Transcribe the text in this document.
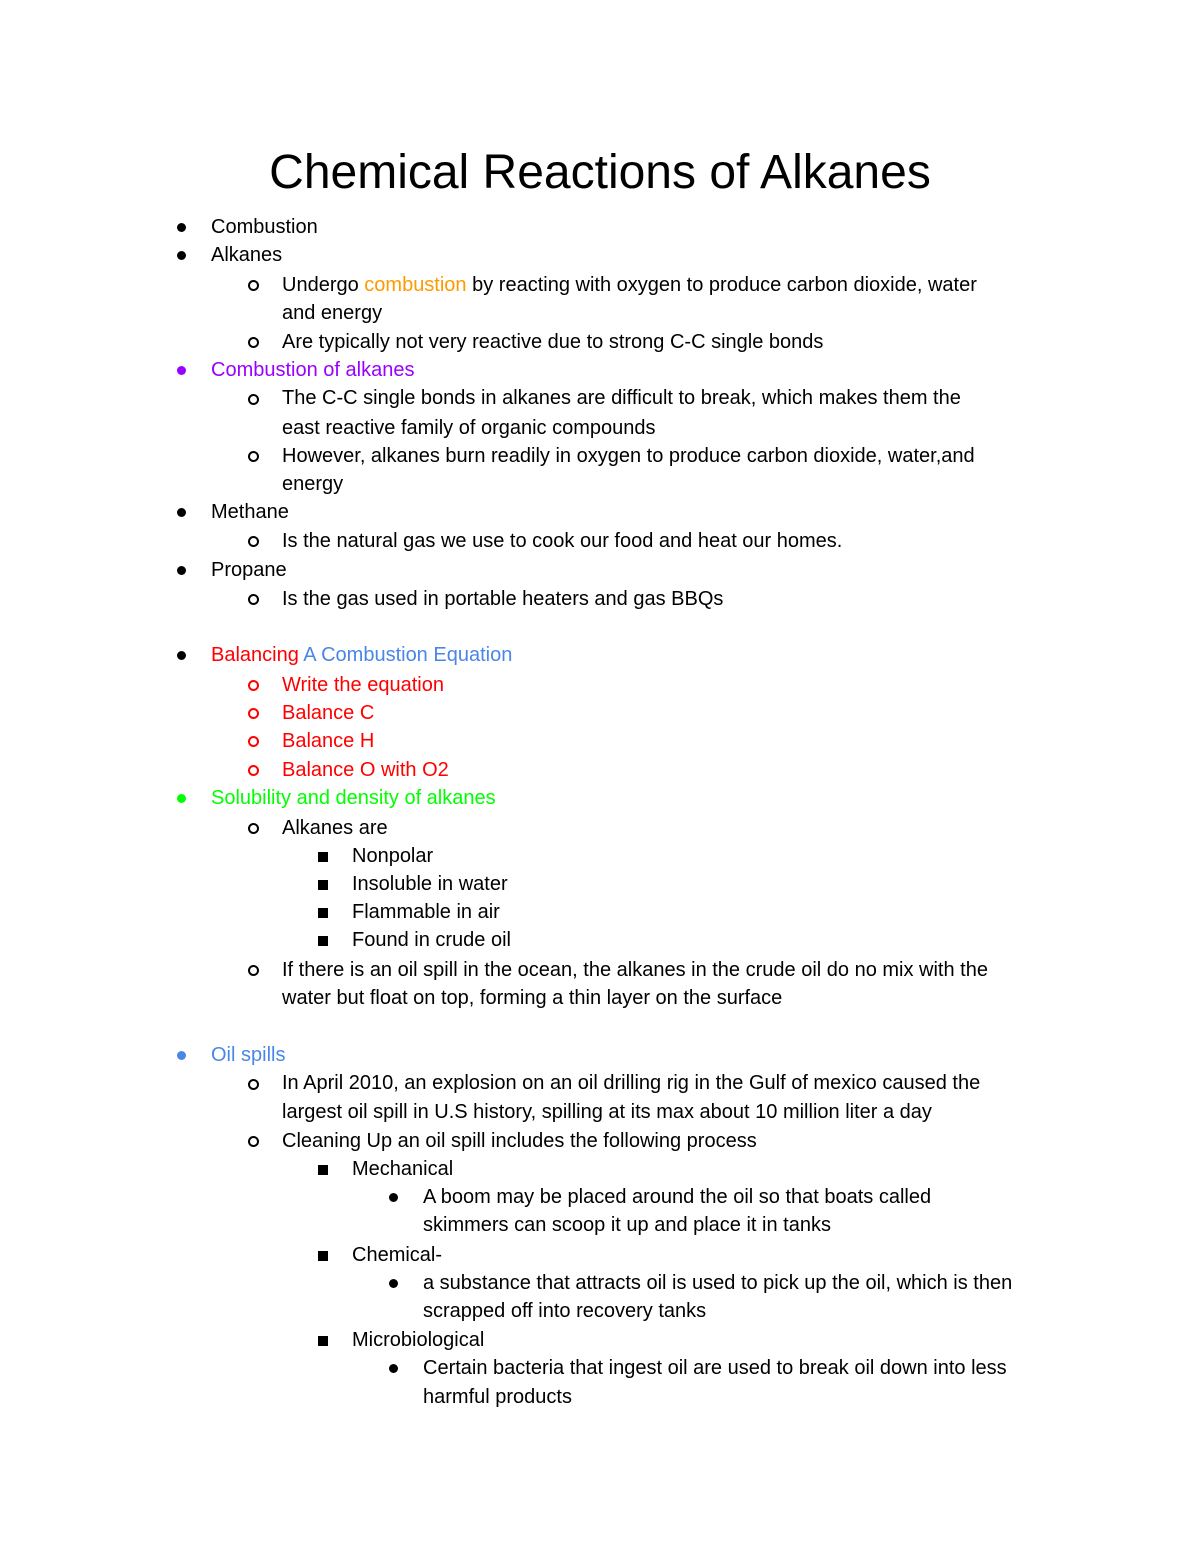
Chemical Reactions of Alkanes
Combustion
Alkanes
Undergo combustion by reacting with oxygen to produce carbon dioxide, water
and energy
Are typically not very reactive due to strong C-C single bonds
Combustion of alkanes
The C-C single bonds in alkanes are difficult to break, which makes them the
east reactive family of organic compounds
However, alkanes burn readily in oxygen to produce carbon dioxide, water,and
energy
Methane
Is the natural gas we use to cook our food and heat our homes.
Propane
Is the gas used in portable heaters and gas BBQs
Balancing A Combustion Equation
Write the equation
Balance C
Balance H
Balance O with O2
Solubility and density of alkanes
Alkanes are
Nonpolar
Insoluble in water
Flammable in air
Found in crude oil
If there is an oil spill in the ocean, the alkanes in the crude oil do no mix with the
water but float on top, forming a thin layer on the surface
Oil spills
In April 2010, an explosion on an oil drilling rig in the Gulf of mexico caused the
largest oil spill in U.S history, spilling at its max about 10 million liter a day
Cleaning Up an oil spill includes the following process
Mechanical
A boom may be placed around the oil so that boats called
skimmers can scoop it up and place it in tanks
Chemical-
a substance that attracts oil is used to pick up the oil, which is then
scrapped off into recovery tanks
Microbiological
Certain bacteria that ingest oil are used to break oil down into less
harmful products
